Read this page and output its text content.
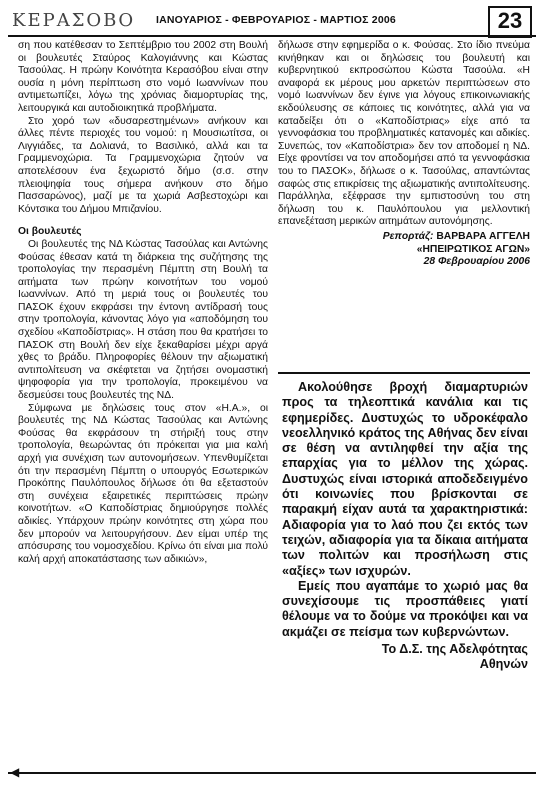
ΚΕΡΑΣΟΒΟ ΙΑΝΟΥΑΡΙΟΣ - ΦΕΒΡΟΥΑΡΙΟΣ - ΜΑΡΤΙΟΣ 2006	23

ση που κατέθεσαν το Σεπτέμβριο του 2002 στη Βουλή οι βουλευτές Σταύρος Καλογιάννης και Κώστας Τασούλας. Η πρώην Κοινότητα Κερασόβου είναι στην ουσία η μόνη περίπτωση στο νομό Ιωαννίνων που αντιμετωπίζει, λόγω της χρόνιας διαμορτυρίας της, λειτουργικά και αυτοδιοικητικά προβλήματα.

Στο χορό των «δυσαρεστημένων» ανήκουν και άλλες πέντε περιοχές του νομού: η Μουσιωτίτσα, οι Λιγγιάδες, τα Δολιανά, το Βασιλικό, αλλά και τα Γραμμενοχώρια. Τα Γραμμενοχώρια ζητούν να αποτελέσουν ένα ξεχωριστό δήμο (σ.σ. στην πλειοψηφία τους σήμερα ανήκουν στο δήμο Πασσαρώνος), μαζί με τα χωριά Ασβεστοχώρι και Κόντσικα του Δήμου Μπιζανίου.

Οι βουλευτές

Οι βουλευτές της ΝΔ Κώστας Τασούλας και Αντώνης Φούσας έθεσαν κατά τη διάρκεια της συζήτησης της τροπολογίας την περασμένη Πέμπτη στη Βουλή τα αιτήματα των πρώην κοινοτήτων του νομού Ιωαννίνων. Από τη μεριά τους οι βουλευτές του ΠΑΣΟΚ έχουν εκφράσει την έντονη αντίδρασή τους στην τροπολογία, κάνοντας λόγο για «αποδόμηση του σχεδίου «Καποδίστριας». Η στάση που θα κρατήσει το ΠΑΣΟΚ στη Βουλή δεν είχε ξεκαθαρίσει μέχρι αργά χθες το βράδυ. Πληροφορίες θέλουν την αξιωματική αντιπολίτευση να σκέφτεται να ζητήσει ονομαστική ψηφοφορία για την τροπολογία, προκειμένου να δεσμεύσει τους βουλευτές της ΝΔ.

Σύμφωνα με δηλώσεις τους στον «Η.Α.», οι βουλευτές της ΝΔ Κώστας Τασούλας και Αντώνης Φούσας θα εκφράσουν τη στήριξή τους στην τροπολογία, θεωρώντας ότι πρόκειται για μια καλή αρχή για συνέχιση των αυτονομήσεων. Υπενθυμίζεται ότι την περασμένη Πέμπτη ο υπουργός Εσωτερικών Προκόπης Παυλόπουλος δήλωσε ότι θα εξεταστούν στη συνέχεια εξαιρετικές περιπτώσεις πρώην κοινοτήτων. «Ο Καποδίστριας δημιούργησε πολλές αδικίες. Υπάρχουν πρώην κοινότητες στη χώρα που δεν μπορούν να λειτουργήσουν. Δεν είμαι υπέρ της απόσυρσης του νομοσχεδίου. Κρίνω ότι είναι μια πολύ καλή αρχή αποκατάστασης των αδικιών»,

δήλωσε στην εφημερίδα ο κ. Φούσας. Στο ίδιο πνεύμα κινήθηκαν και οι δηλώσεις του βουλευτή και κυβερνητικού εκπροσώπου Κώστα Τασούλα. «Η αναφορά εκ μέρους μου αρκετών περιπτώσεων στο νομό Ιωαννίνων δεν έγινε για λόγους επικοινωνιακής εκδούλευσης σε κάποιες τις κοινότητες, αλλά για να καταδείξει ότι ο «Καποδίστριας» είχε από τα γεννοφάσκια του προβληματικές κατανομές και αδικίες. Συνεπώς, τον «Καποδίστρια» δεν τον αποδομεί η ΝΔ. Είχε φροντίσει να τον αποδομήσει από τα γεννοφάσκια του το ΠΑΣΟΚ», δήλωσε ο κ. Τασούλας, απαντώντας σαφώς στις επικρίσεις της αξιωματικής αντιπολίτευσης. Παράλληλα, εξέφρασε την εμπιστοσύνη του στη δήλωση του κ. Παυλόπουλου για μελλοντική επανεξέταση μερικών αιτημάτων αυτονόμησης.

Ρεπορτάζ: ΒΑΡΒΑΡΑ ΑΓΓΕΛΗ
«ΗΠΕΙΡΩΤΙΚΟΣ ΑΓΩΝ»
28 Φεβρουαρίου 2006

Ακολούθησε βροχή διαμαρτυριών προς τα τηλεοπτικά κανάλια και τις εφημερίδες. Δυστυχώς το υδροκέφαλο νεοελληνικό κράτος της Αθήνας δεν είναι σε θέση να αντιληφθεί την αξία της επαρχίας για το μέλλον της χώρας. Δυστυχώς είναι ιστορικά αποδεδειγμένο ότι κοινωνίες που βρίσκονται σε παρακμή είχαν αυτά τα χαρακτηριστικά: Αδιαφορία για το λαό που ζει εκτός των τειχών, αδιαφορία για τα δίκαια αιτήματα των πολιτών και προσήλωση στις «αξίες» των ισχυρών.

Εμείς που αγαπάμε το χωριό μας θα συνεχίσουμε τις προσπάθειες γιατί θέλουμε να το δούμε να προκόψει και να ακμάζει σε πείσμα των κυβερνώντων.

Το Δ.Σ. της Αδελφότητας
Αθηνών
